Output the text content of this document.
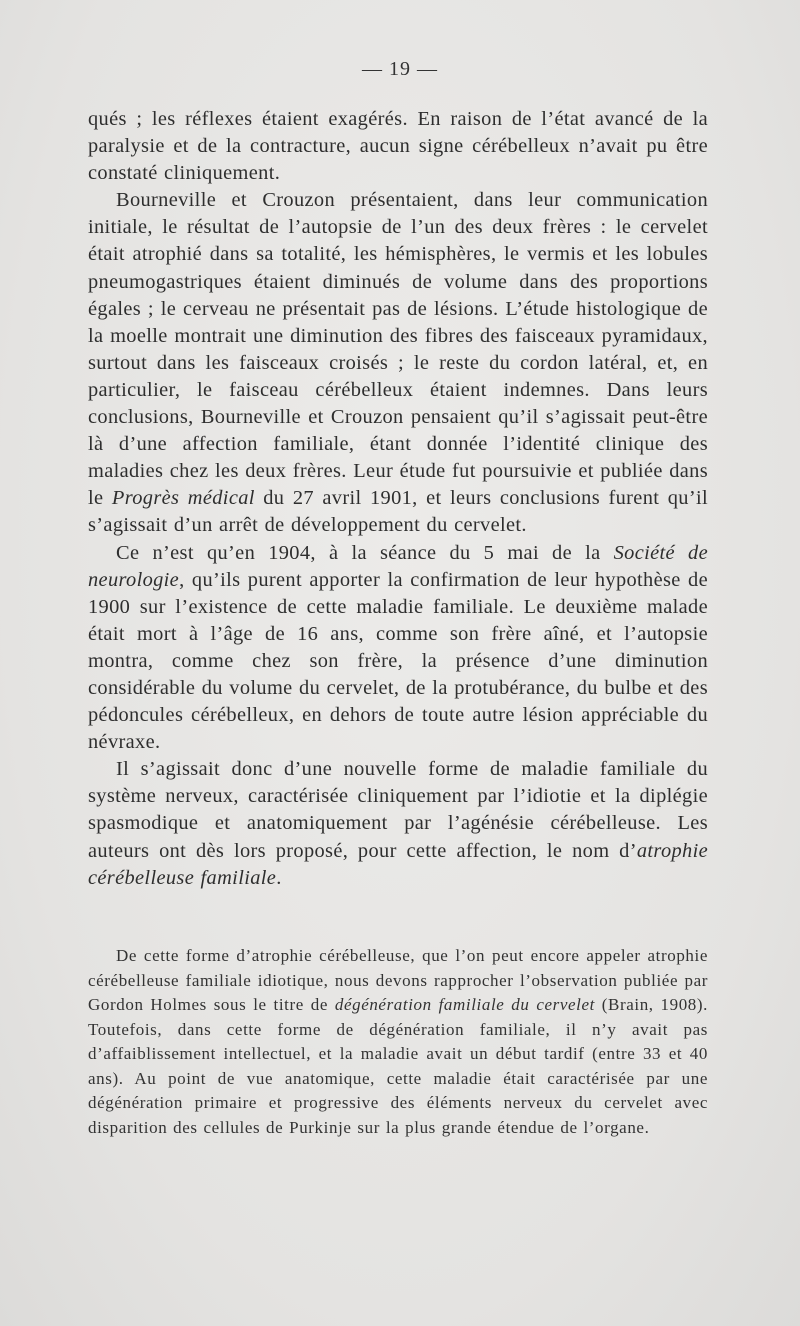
— 19 —

qués ; les réflexes étaient exagérés. En raison de l’état avancé de la paralysie et de la contracture, aucun signe cérébelleux n’avait pu être constaté cliniquement.

Bourneville et Crouzon présentaient, dans leur communication initiale, le résultat de l’autopsie de l’un des deux frères : le cervelet était atrophié dans sa totalité, les hémisphères, le vermis et les lobules pneumogastriques étaient diminués de volume dans des proportions égales ; le cerveau ne présentait pas de lésions. L’étude histologique de la moelle montrait une diminution des fibres des faisceaux pyramidaux, surtout dans les faisceaux croisés ; le reste du cordon latéral, et, en particulier, le faisceau cérébelleux étaient indemnes. Dans leurs conclusions, Bourneville et Crouzon pensaient qu’il s’agissait peut-être là d’une affection familiale, étant donnée l’identité clinique des maladies chez les deux frères. Leur étude fut poursuivie et publiée dans le Progrès médical du 27 avril 1901, et leurs conclusions furent qu’il s’agissait d’un arrêt de développement du cervelet.

Ce n’est qu’en 1904, à la séance du 5 mai de la Société de neurologie, qu’ils purent apporter la confirmation de leur hypothèse de 1900 sur l’existence de cette maladie familiale. Le deuxième malade était mort à l’âge de 16 ans, comme son frère aîné, et l’autopsie montra, comme chez son frère, la présence d’une diminution considérable du volume du cervelet, de la protubérance, du bulbe et des pédoncules cérébelleux, en dehors de toute autre lésion appréciable du névraxe.

Il s’agissait donc d’une nouvelle forme de maladie familiale du système nerveux, caractérisée cliniquement par l’idiotie et la diplégie spasmodique et anatomiquement par l’agénésie cérébelleuse. Les auteurs ont dès lors proposé, pour cette affection, le nom d’atrophie cérébelleuse familiale.

De cette forme d’atrophie cérébelleuse, que l’on peut encore appeler atrophie cérébelleuse familiale idiotique, nous devons rapprocher l’observation publiée par Gordon Holmes sous le titre de dégénération familiale du cervelet (Brain, 1908). Toutefois, dans cette forme de dégénération familiale, il n’y avait pas d’affaiblissement intellectuel, et la maladie avait un début tardif (entre 33 et 40 ans). Au point de vue anatomique, cette maladie était caractérisée par une dégénération primaire et progressive des éléments nerveux du cervelet avec disparition des cellules de Purkinje sur la plus grande étendue de l’organe.
